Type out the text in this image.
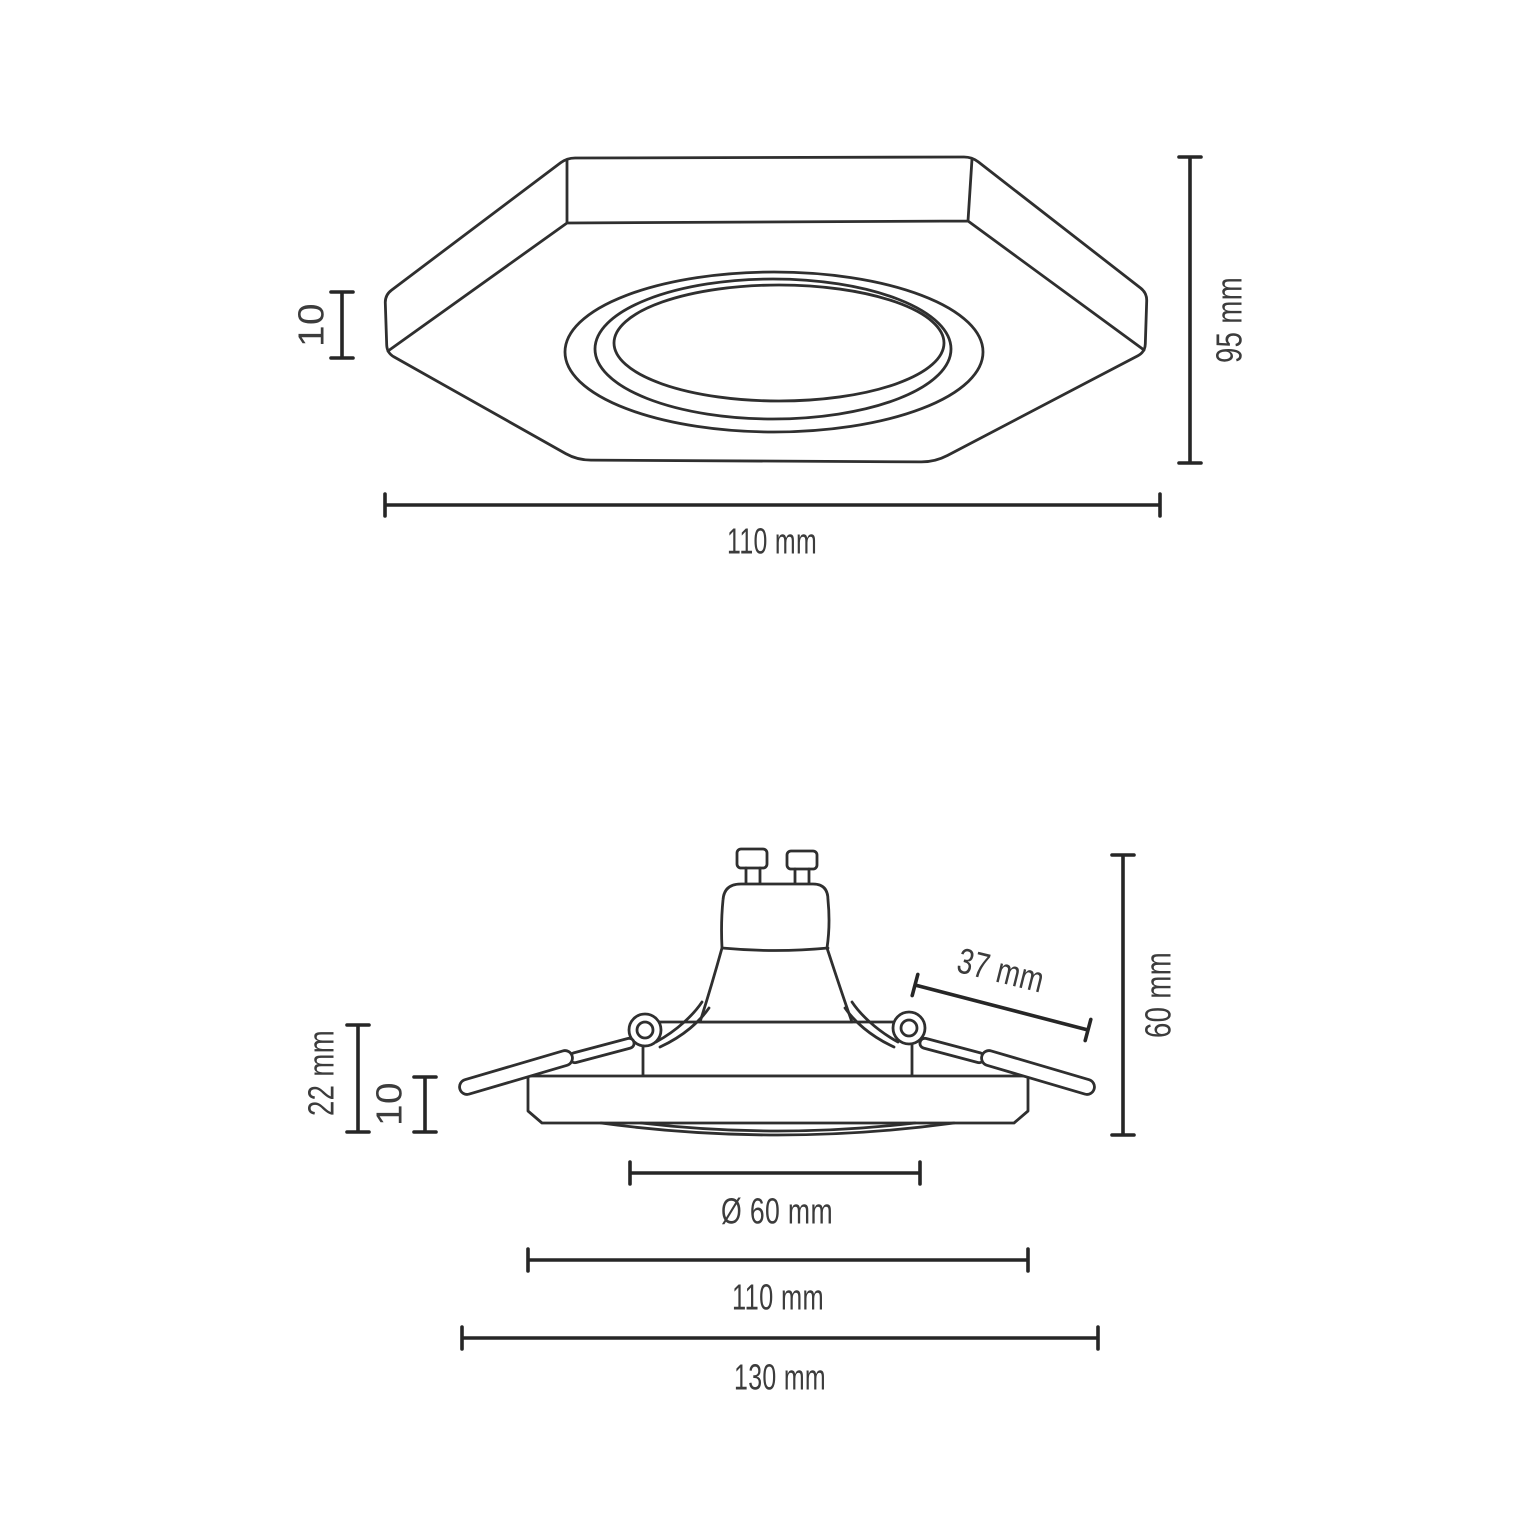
10	95 mm
110 mm
22 mm 10
37 mm 60 mm
Ø 60 mm
110 mm
130 mm
